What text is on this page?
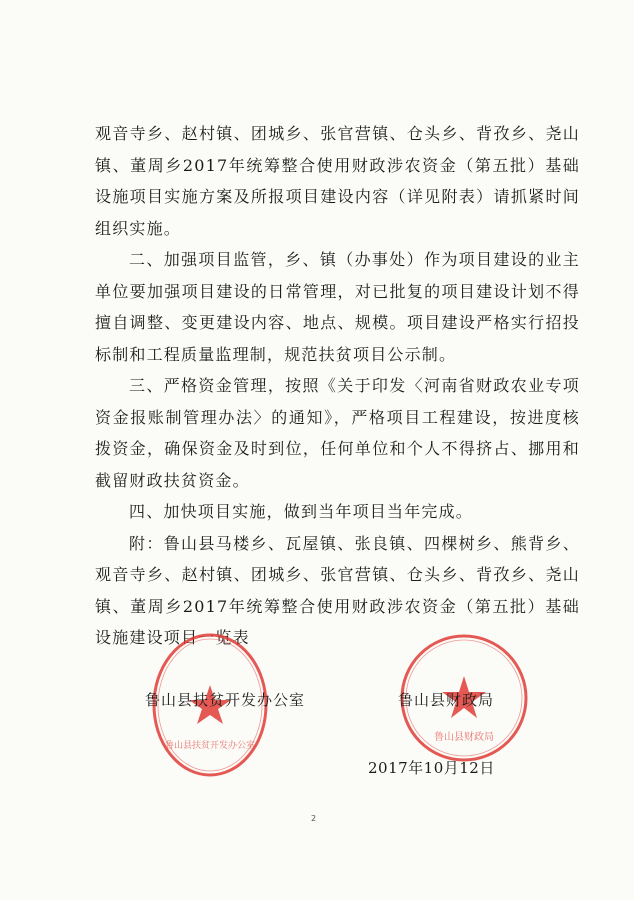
观音寺乡、赵村镇、团城乡、张官营镇、仓头乡、背孜乡、尧山镇、董周乡2017年统筹整合使用财政涉农资金（第五批）基础设施项目实施方案及所报项目建设内容（详见附表）请抓紧时间组织实施。

二、加强项目监管，乡、镇（办事处）作为项目建设的业主单位要加强项目建设的日常管理，对已批复的项目建设计划不得擅自调整、变更建设内容、地点、规模。项目建设严格实行招投标制和工程质量监理制，规范扶贫项目公示制。

三、严格资金管理，按照《关于印发〈河南省财政农业专项资金报账制管理办法〉的通知》，严格项目工程建设，按进度核拨资金，确保资金及时到位，任何单位和个人不得挤占、挪用和截留财政扶贫资金。

四、加快项目实施，做到当年项目当年完成。

附：鲁山县马楼乡、瓦屋镇、张良镇、四棵树乡、熊背乡、观音寺乡、赵村镇、团城乡、张官营镇、仓头乡、背孜乡、尧山镇、董周乡2017年统筹整合使用财政涉农资金（第五批）基础设施建设项目一览表

鲁山县扶贫开发办公室
鲁山县财政局
鲁山县扶贫开发办公室	鲁山县财政局
2017年10月12日
2
